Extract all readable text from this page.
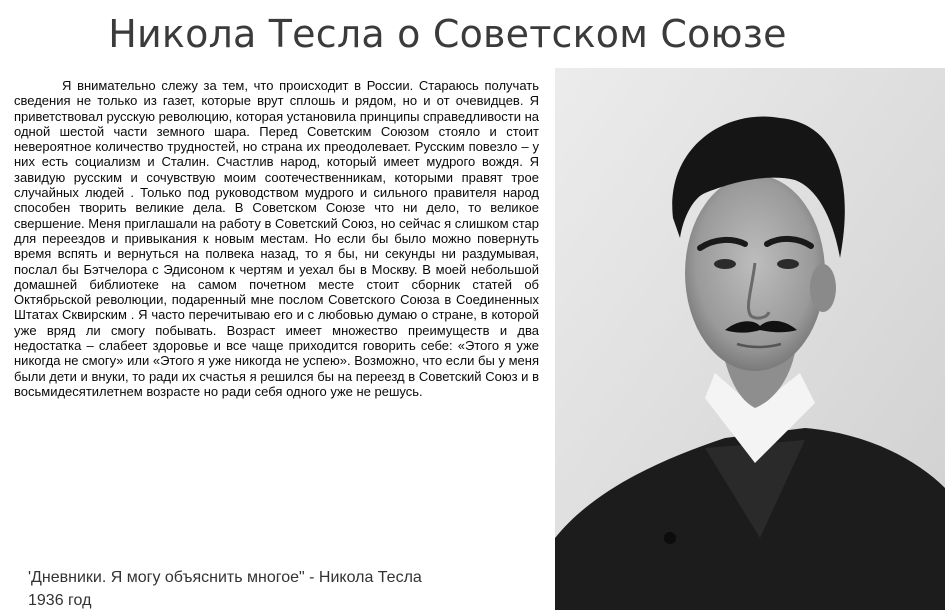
Никола Тесла о Советском Союзе
Я внимательно слежу за тем, что происходит в России. Стараюсь получать сведения не только из газет, которые врут сплошь и рядом, но и от очевидцев. Я приветствовал русскую революцию, которая установила принципы справедливости на одной шестой части земного шара. Перед Советским Союзом стояло и стоит невероятное количество трудностей, но страна их преодолевает. Русским повезло – у них есть социализм и Сталин. Счастлив народ, который имеет мудрого вождя. Я завидую русским и сочувствую моим соотечественникам, которыми правят трое случайных людей . Только под руководством мудрого и сильного правителя народ способен творить великие дела. В Советском Союзе что ни дело, то великое свершение. Меня приглашали на работу в Советский Союз, но сейчас я слишком стар для переездов и привыкания к новым местам. Но если бы было можно повернуть время вспять и вернуться на полвека назад, то я бы, ни секунды ни раздумывая, послал бы Бэтчелора с Эдисоном к чертям и уехал бы в Москву. В моей небольшой домашней библиотеке на самом почетном месте стоит сборник статей об Октябрьской революции, подаренный мне послом Советского Союза в Соединенных Штатах Сквирским . Я часто перечитываю его и с любовью думаю о стране, в которой уже вряд ли смогу побывать. Возраст имеет множество преимуществ и два недостатка – слабеет здоровье и все чаще приходится говорить себе: «Этого я уже никогда не смогу» или «Этого я уже никогда не успею». Возможно, что если бы у меня были дети и внуки, то ради их счастья я решился бы на переезд в Советский Союз и в восьмидесятилетнем возрасте но ради себя одного уже не решусь.
'Дневники. Я могу объяснить многое" - Никола Тесла
1936 год
